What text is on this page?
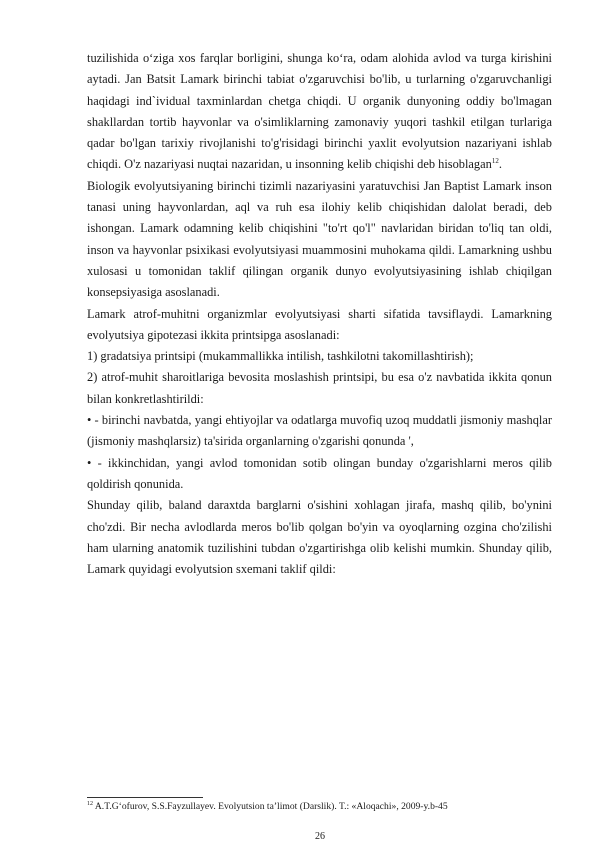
tuzilishida o‘ziga xos farqlar borligini, shunga ko‘ra, odam alohida avlod va turga kirishini aytadi. Jan Batsit Lamark birinchi tabiat o'zgaruvchisi bo'lib, u turlarning o'zgaruvchanligi haqidagi ind`ividual taxminlardan chetga chiqdi. U organik dunyoning oddiy bo'lmagan shakllardan tortib hayvonlar va o'simliklarning zamonaviy yuqori tashkil etilgan turlariga qadar bo'lgan tarixiy rivojlanishi to'g'risidagi birinchi yaxlit evolyutsion nazariyani ishlab chiqdi. O'z nazariyasi nuqtai nazaridan, u insonning kelib chiqishi deb hisoblagan$^{12}$.

Biologik evolyutsiyaning birinchi tizimli nazariyasini yaratuvchisi Jan Baptist Lamark inson tanasi uning hayvonlardan, aql va ruh esa ilohiy kelib chiqishidan dalolat beradi, deb ishongan. Lamark odamning kelib chiqishini "to'rt qo'l" navlaridan biridan to'liq tan oldi, inson va hayvonlar psixikasi evolyutsiyasi muammosini muhokama qildi. Lamarkning ushbu xulosasi u tomonidan taklif qilingan organik dunyo evolyutsiyasining ishlab chiqilgan konsepsiyasiga asoslanadi.

Lamark atrof-muhitni organizmlar evolyutsiyasi sharti sifatida tavsiflaydi. Lamarkning evolyutsiya gipotezasi ikkita printsipga asoslanadi:

1) gradatsiya printsipi (mukammallikka intilish, tashkilotni takomillashtirish);

2) atrof-muhit sharoitlariga bevosita moslashish printsipi, bu esa o'z navbatida ikkita qonun bilan konkretlashtirildi:

• - birinchi navbatda, yangi ehtiyojlar va odatlarga muvofiq uzoq muddatli jismoniy mashqlar (jismoniy mashqlarsiz) ta'sirida organlarning o'zgarishi qonunda ',

• - ikkinchidan, yangi avlod tomonidan sotib olingan bunday o'zgarishlarni meros qilib qoldirish qonunida.

Shunday qilib, baland daraxtda barglarni o'sishini xohlagan jirafa, mashq qilib, bo'ynini cho'zdi. Bir necha avlodlarda meros bo'lib qolgan bo'yin va oyoqlarning ozgina cho'zilishi ham ularning anatomik tuzilishini tubdan o'zgartirishga olib kelishi mumkin. Shunday qilib, Lamark quyidagi evolyutsion sxemani taklif qildi:

$^{12}$ A.T.G‘ofurov, S.S.Fayzullayev. Evolyutsion ta’limot (Darslik). T.: «Aloqachi», 2009-y.b-45
26
